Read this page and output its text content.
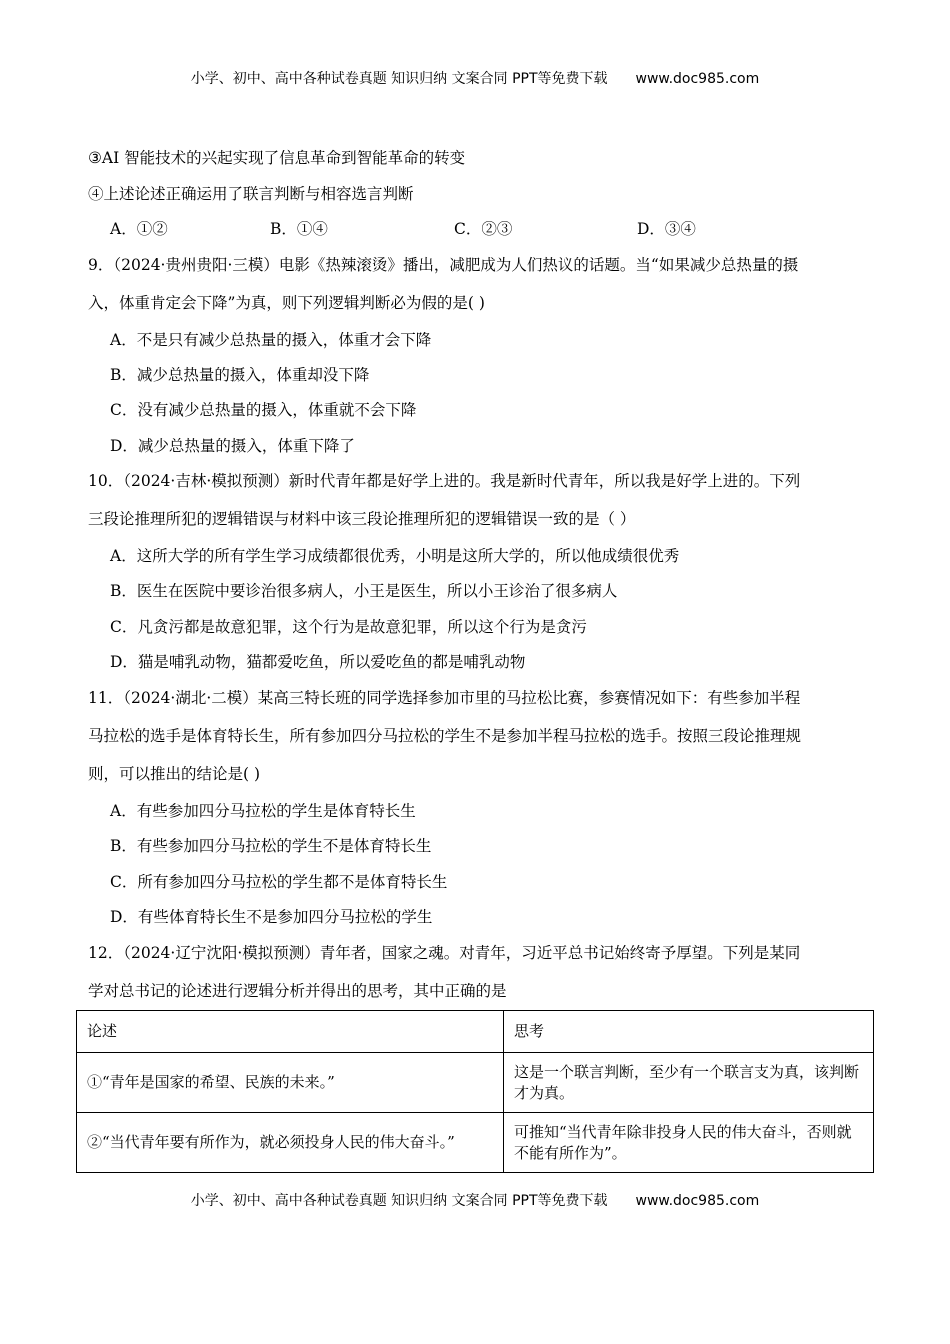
小学、初中、高中各种试卷真题 知识归纳 文案合同 PPT等免费下载 www.doc985.com
③AI 智能技术的兴起实现了信息革命到智能革命的转变
④上述论述正确运用了联言判断与相容选言判断
A．①②	B．①④	C．②③	D．③④
9．（2024·贵州贵阳·三模）电影《热辣滚烫》播出，减肥成为人们热议的话题。当“如果减少总热量的摄
入，体重肯定会下降”为真，则下列逻辑判断必为假的是( )
A．不是只有减少总热量的摄入，体重才会下降
B．减少总热量的摄入，体重却没下降
C．没有减少总热量的摄入，体重就不会下降
D．减少总热量的摄入，体重下降了
10．（2024·吉林·模拟预测）新时代青年都是好学上进的。我是新时代青年，所以我是好学上进的。下列
三段论推理所犯的逻辑错误与材料中该三段论推理所犯的逻辑错误一致的是（ ）
A．这所大学的所有学生学习成绩都很优秀，小明是这所大学的，所以他成绩很优秀
B．医生在医院中要诊治很多病人，小王是医生，所以小王诊治了很多病人
C．凡贪污都是故意犯罪，这个行为是故意犯罪，所以这个行为是贪污
D．猫是哺乳动物，猫都爱吃鱼，所以爱吃鱼的都是哺乳动物
11．（2024·湖北·二模）某高三特长班的同学选择参加市里的马拉松比赛，参赛情况如下：有些参加半程
马拉松的选手是体育特长生，所有参加四分马拉松的学生不是参加半程马拉松的选手。按照三段论推理规
则，可以推出的结论是( )
A．有些参加四分马拉松的学生是体育特长生
B．有些参加四分马拉松的学生不是体育特长生
C．所有参加四分马拉松的学生都不是体育特长生
D．有些体育特长生不是参加四分马拉松的学生
12．（2024·辽宁沈阳·模拟预测）青年者，国家之魂。对青年，习近平总书记始终寄予厚望。下列是某同
学对总书记的论述进行逻辑分析并得出的思考，其中正确的是
论述	思考
①“青年是国家的希望、民族的未来。”	这是一个联言判断，至少有一个联言支为真，该判断才为真。
②“当代青年要有所作为，就必须投身人民的伟大奋斗。”	可推知“当代青年除非投身人民的伟大奋斗，否则就不能有所作为”。
小学、初中、高中各种试卷真题 知识归纳 文案合同 PPT等免费下载 www.doc985.com
